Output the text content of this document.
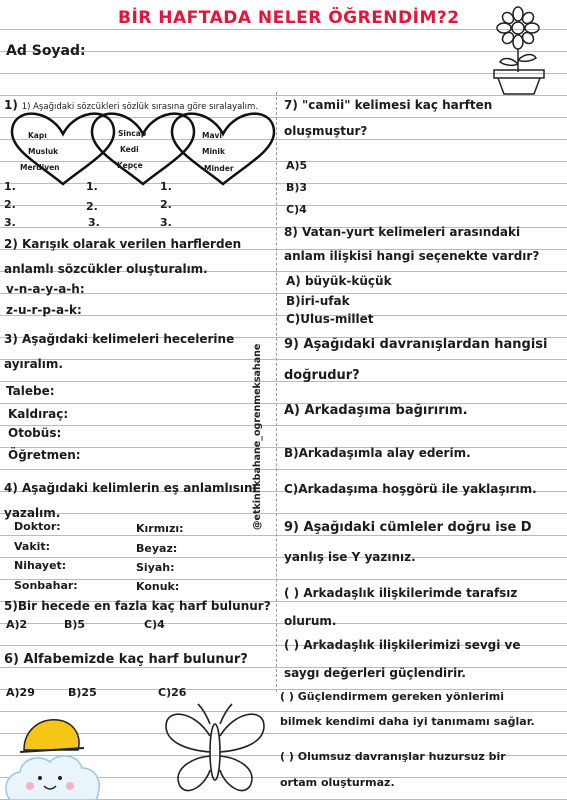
BİR HAFTADA NELER ÖĞRENDİM?2
Ad Soyad:
@etkinlikbahane_ogrenmeksahane
1) 1) Aşağıdaki sözcükleri sözlük sırasına göre sıralayalım.
Kapı
Musluk
Merdiven
Sincap
Kedi
Kepçe
Mavi
Minik
Minder
1.
2.
3.
1.
2.
3.
1.
2.
3.
2) Karışık olarak verilen harflerden
anlamlı sözcükler oluşturalım.
v-n-a-y-a-h:
z-u-r-p-a-k:
3) Aşağıdaki kelimeleri hecelerine
ayıralım.
Talebe:
Kaldıraç:
Otobüs:
Öğretmen:
4) Aşağıdaki kelimlerin eş anlamlısını
yazalım.
Doktor:
Vakit:
Nihayet:
Sonbahar:
Kırmızı:
Beyaz:
Siyah:
Konuk:
5)Bir hecede en fazla kaç harf bulunur?
A)2	B)5	C)4
6) Alfabemizde kaç harf bulunur?
A)29	B)25	C)26
7) "camii" kelimesi kaç harften
oluşmuştur?
A)5
B)3
C)4
8) Vatan-yurt kelimeleri arasındaki
anlam ilişkisi hangi seçenekte vardır?
A) büyük-küçük
B)iri-ufak
C)Ulus-millet
9) Aşağıdaki davranışlardan hangisi
doğrudur?
A) Arkadaşıma bağırırım.
B)Arkadaşımla alay ederim.
C)Arkadaşıma hoşgörü ile yaklaşırım.
9) Aşağıdaki cümleler doğru ise D
yanlış ise Y yazınız.
( ) Arkadaşlık ilişkilerimde tarafsız
olurum.
( ) Arkadaşlık ilişkilerimizi sevgi ve
saygı değerleri güçlendirir.
( ) Güçlendirmem gereken yönlerimi
bilmek kendimi daha iyi tanımamı sağlar.
( ) Olumsuz davranışlar huzursuz bir
ortam oluşturmaz.
